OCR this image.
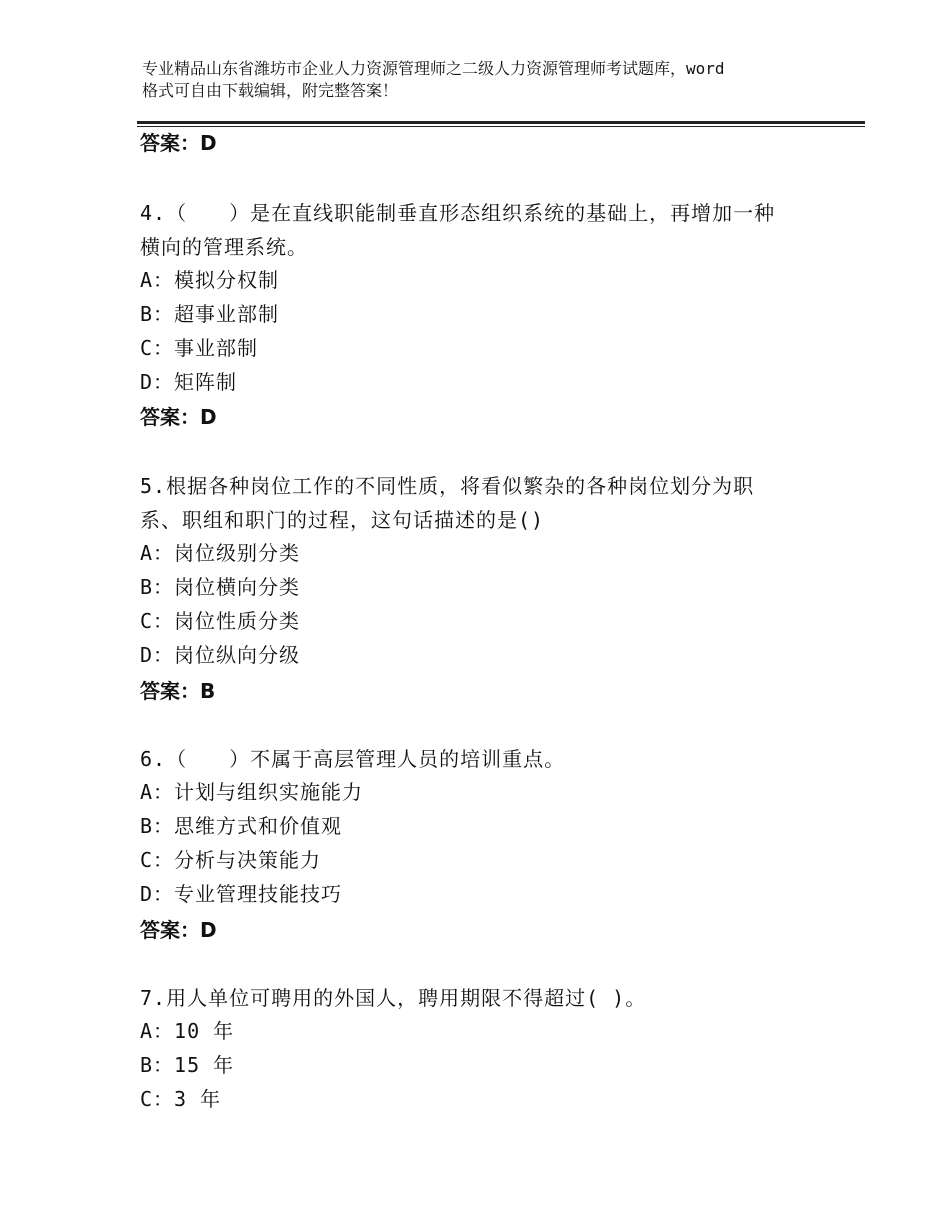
专业精品山东省潍坊市企业人力资源管理师之二级人力资源管理师考试题库，word
格式可自由下载编辑，附完整答案！
答案：D
4.（　　）是在直线职能制垂直形态组织系统的基础上，再增加一种
横向的管理系统。
A：模拟分权制
B：超事业部制
C：事业部制
D：矩阵制
答案：D
5.根据各种岗位工作的不同性质，将看似繁杂的各种岗位划分为职
系、职组和职门的过程，这句话描述的是()
A：岗位级别分类
B：岗位横向分类
C：岗位性质分类
D：岗位纵向分级
答案：B
6.（　　）不属于高层管理人员的培训重点。
A：计划与组织实施能力
B：思维方式和价值观
C：分析与决策能力
D：专业管理技能技巧
答案：D
7.用人单位可聘用的外国人，聘用期限不得超过( )。
A：10 年
B：15 年
C：3 年
